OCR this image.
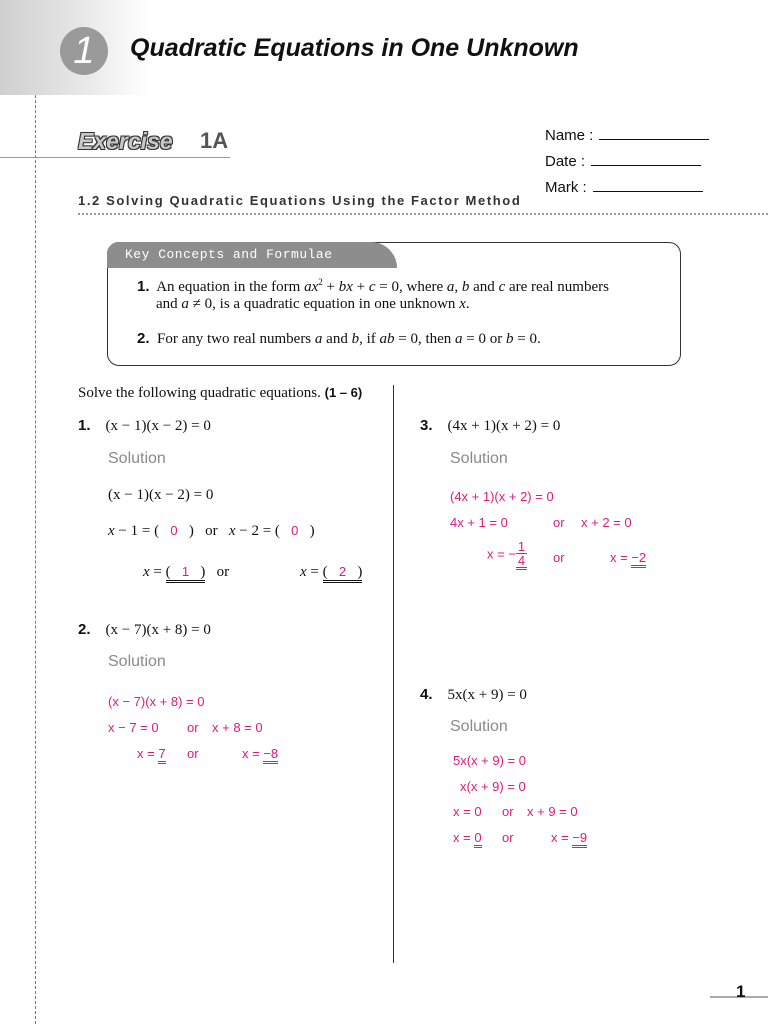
1	Quadratic Equations in One Unknown
Exercise 1A	Name :
Date :
Mark :
1.2 Solving Quadratic Equations Using the Factor Method
Key Concepts and Formulae
1.  An equation in the form $ax^2$ + bx + c = 0, where a, b and c are real numbers
and a ≠ 0, is a quadratic equation in one unknown x.
2.  For any two real numbers a and b, if ab = 0, then a = 0 or b = 0.
Solve the following quadratic equations. (1 – 6)
1. (x − 1)(x − 2) = 0
Solution
(x − 1)(x − 2) = 0
x − 1 = (   0   )   or x − 2 = (   0   )
x = (   1   ) or	x = (   2   )
2. (x − 7)(x + 8) = 0
Solution
(x − 7)(x + 8) = 0
x − 7 = 0 or x + 8 = 0
x = 7 or	x = −8
3. (4x + 1)(x + 2) = 0
Solution
(4x + 1)(x + 2) = 0
4x + 1 = 0	or x + 2 = 0
x = − $\frac{1}{4}$ or	x = −2
4. 5x(x + 9) = 0
Solution
5x(x + 9) = 0
x(x + 9) = 0
x = 0 or x + 9 = 0
x = 0 or	x = −9
1
